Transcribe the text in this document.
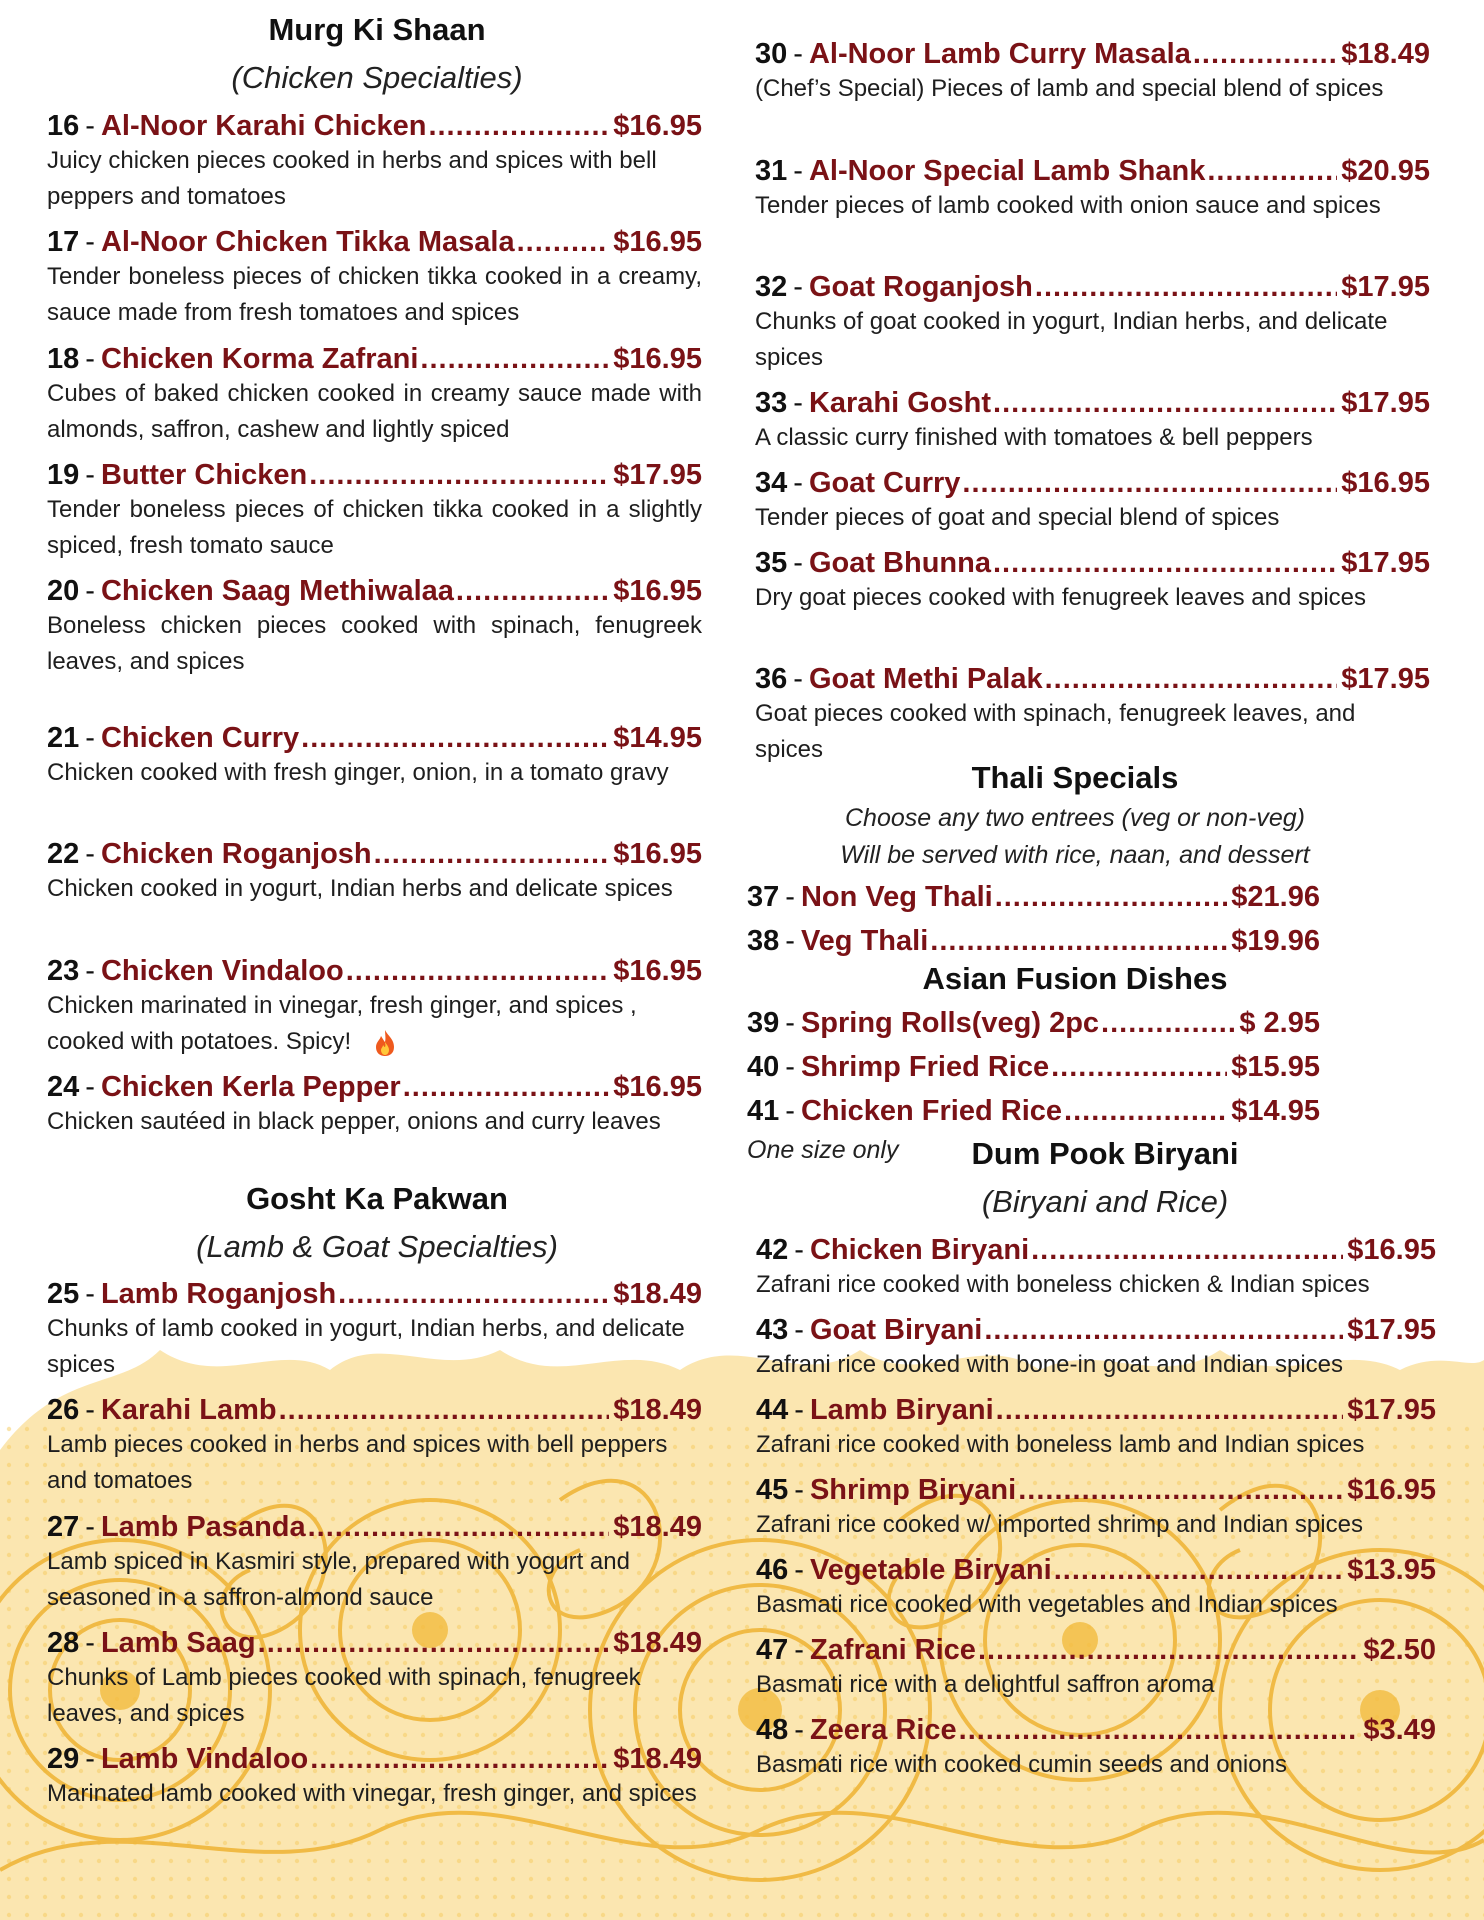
Murg Ki Shaan
(Chicken Specialties)
16 - Al-Noor Karahi Chicken .....	$16.95
Juicy chicken pieces cooked in herbs and spices with bell peppers and tomatoes
17 - Al-Noor Chicken Tikka Masala .....	$16.95
Tender boneless pieces of chicken tikka cooked in a creamy, sauce made from fresh tomatoes and spices
18 - Chicken Korma Zafrani .....	$16.95
Cubes of baked chicken cooked in creamy sauce made with almonds, saffron, cashew and lightly spiced
19 - Butter Chicken .....	$17.95
Tender boneless pieces of chicken tikka cooked in a slightly spiced, fresh tomato sauce
20 - Chicken Saag Methiwalaa .....	$16.95
Boneless chicken pieces cooked with spinach, fenugreek leaves, and spices
21 - Chicken Curry .....	$14.95
Chicken cooked with fresh ginger, onion, in a tomato gravy
22 - Chicken Roganjosh .....	$16.95
Chicken cooked in yogurt, Indian herbs and delicate spices
23 - Chicken Vindaloo .....	$16.95
Chicken marinated in vinegar, fresh ginger, and spices , cooked with potatoes. Spicy!
24 - Chicken Kerla Pepper .....	$16.95
Chicken sautéed in black pepper, onions and curry leaves
Gosht Ka Pakwan
(Lamb & Goat Specialties)
25 - Lamb Roganjosh .....	$18.49
Chunks of lamb cooked in yogurt, Indian herbs, and delicate spices
26 - Karahi Lamb .....	$18.49
Lamb pieces cooked in herbs and spices with bell peppers and tomatoes
27 - Lamb Pasanda .....	$18.49
Lamb spiced in Kasmiri style, prepared with yogurt and seasoned in a saffron-almond sauce
28 - Lamb Saag .....	$18.49
Chunks of Lamb pieces cooked with spinach, fenugreek leaves, and spices
29 - Lamb Vindaloo .....	$18.49
Marinated lamb cooked with vinegar, fresh ginger, and spices
30 - Al-Noor Lamb Curry Masala .....	$18.49
(Chef’s Special) Pieces of lamb and special blend of spices
31 - Al-Noor Special Lamb Shank .....	$20.95
Tender pieces of lamb cooked with onion sauce and spices
32 - Goat Roganjosh .....	$17.95
Chunks of goat cooked in yogurt, Indian herbs, and delicate spices
33 - Karahi Gosht .....	$17.95
A classic curry finished with tomatoes & bell peppers
34 - Goat Curry .....	$16.95
Tender pieces of goat and special blend of spices
35 - Goat Bhunna .....	$17.95
Dry goat pieces cooked with fenugreek leaves and spices
36 - Goat Methi Palak .....	$17.95
Goat pieces cooked with spinach, fenugreek leaves, and spices
Thali Specials
Choose any two entrees (veg or non-veg)
Will be served with rice, naan, and dessert
37 - Non Veg Thali .....	$21.96
38 - Veg Thali .....	$19.96
Asian Fusion Dishes
39 - Spring Rolls(veg) 2pc .....	$ 2.95
40 - Shrimp Fried Rice .....	$15.95
41 - Chicken Fried Rice .....	$14.95
One size only	Dum Pook Biryani
(Biryani and Rice)
42 - Chicken Biryani .....	$16.95
Zafrani rice cooked with boneless chicken & Indian spices
43 - Goat Biryani .....	$17.95
Zafrani rice cooked with bone-in goat and Indian spices
44 - Lamb Biryani .....	$17.95
Zafrani rice cooked with boneless lamb and Indian spices
45 - Shrimp Biryani .....	$16.95
Zafrani rice cooked w/ imported shrimp and Indian spices
46 - Vegetable Biryani .....	$13.95
Basmati rice cooked with vegetables and Indian spices
47 - Zafrani Rice .....	$2.50
Basmati rice with a delightful saffron aroma
48 - Zeera Rice .....	$3.49
Basmati rice with cooked cumin seeds and onions
